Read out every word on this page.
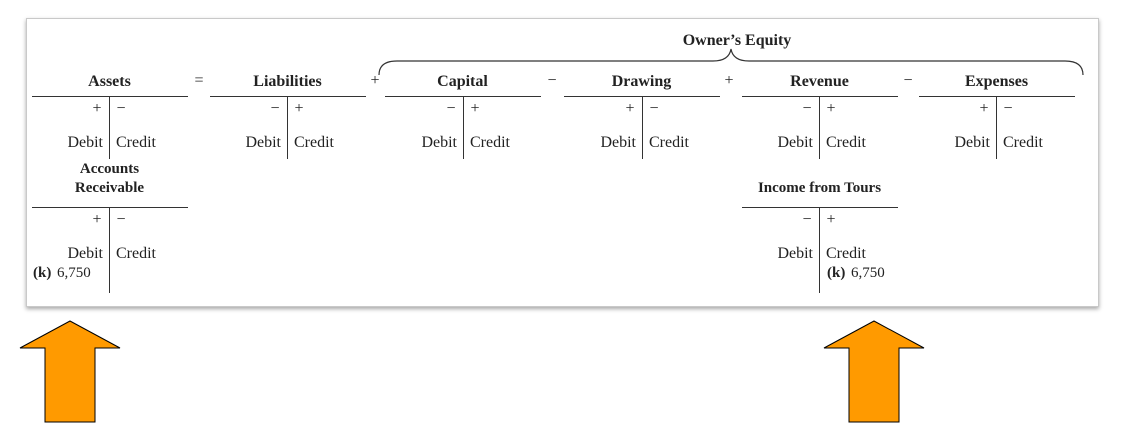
Owner’s Equity
Assets	Liabilities	Capital	Drawing	Revenue	Expenses
=	+	−	+	−
+ −	− +	− +	+ −	− +	+ −
Debit Credit	Debit Credit	Debit Credit	Debit Credit	Debit Credit	Debit Credit
Accounts
Receivable
+ −
Debit Credit
(k) 6,750
Income from Tours
− +
Debit Credit
(k) 6,750
